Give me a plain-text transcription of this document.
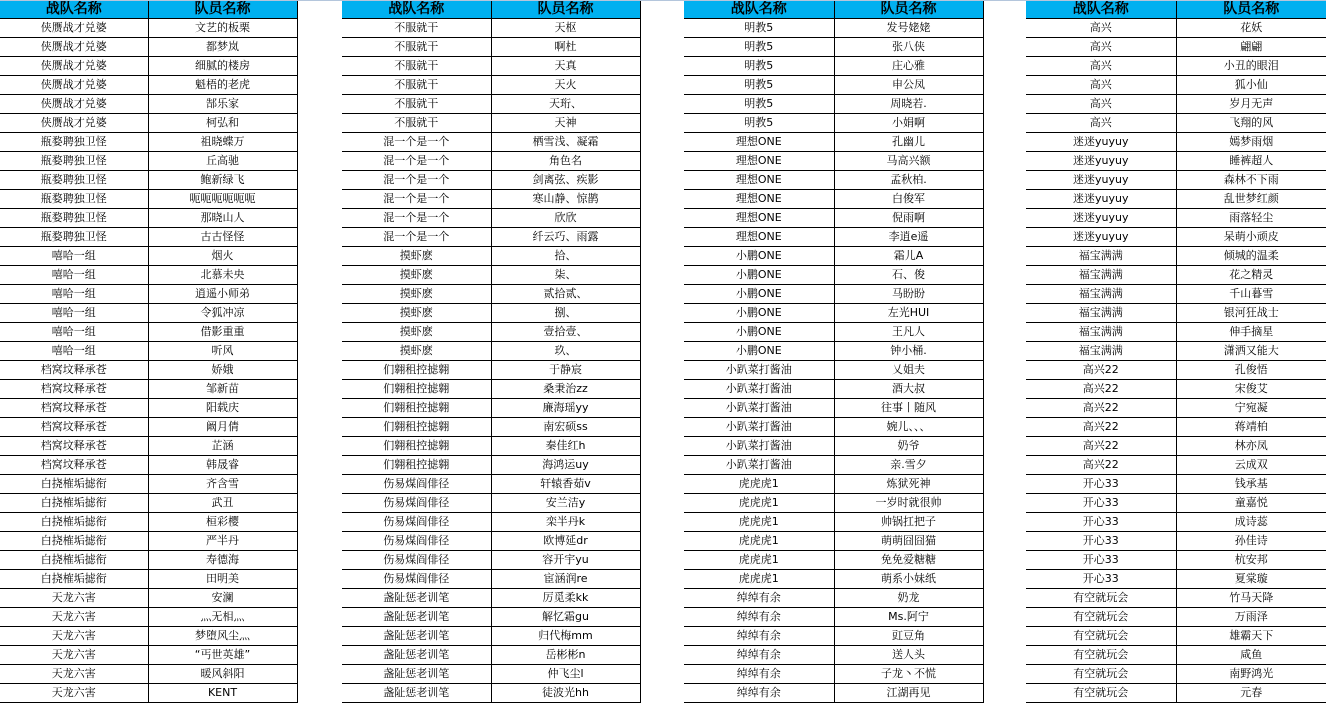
战队名称	队员名称
侠赝战才兑婆	文艺的板栗
侠赝战才兑婆	都梦岚
侠赝战才兑婆	细腻的楼房
侠赝战才兑婆	魁梧的老虎
侠赝战才兑婆	郜乐家
侠赝战才兑婆	柯弘和
瓶婺聘独卫怪	祖晓蝶万
瓶婺聘独卫怪	丘高驰
瓶婺聘独卫怪	鲍新绿飞
瓶婺聘独卫怪	呃呃呃呃呃呃
瓶婺聘独卫怪	那晓山人
瓶婺聘独卫怪	古古怪怪
嘻哈一组	烟火
嘻哈一组	北慕未央
嘻哈一组	逍遥小师弟
嘻哈一组	令狐冲凉
嘻哈一组	借影重重
嘻哈一组	听风
档窝坟释承苍	娇娥
档窝坟释承苍	邹新苗
档窝坟释承苍	阳载庆
档窝坟释承苍	阚月倩
档窝坟释承苍	芷涵
档窝坟释承苍	韩晟睿
白挠榷垢摅衔	齐含雪
白挠榷垢摅衔	武丑
白挠榷垢摅衔	桓彩樱
白挠榷垢摅衔	严半丹
白挠榷垢摅衔	寿德海
白挠榷垢摅衔	田明美
天龙六害	安澜
天龙六害	灬无相灬
天龙六害	梦堕风尘灬
天龙六害	“丐世英雄”
天龙六害	暖风斜阳
天龙六害	KENT
战队名称	队员名称
不服就干	天枢
不服就干	啊杜
不服就干	天真
不服就干	天火
不服就干	天珩、
不服就干	天神
混一个是一个	栖雪浅、凝霜
混一个是一个	角色名
混一个是一个	剑离弦、疾影
混一个是一个	寒山静、惊鹊
混一个是一个	欣欣
混一个是一个	纤云巧、雨露
摸虾麽	拾、
摸虾麽	柒、
摸虾麽	贰拾贰、
摸虾麽	捌、
摸虾麽	壹拾壹、
摸虾麽	玖、
们翱租控摅翱	于静宸
们翱租控摅翱	桑秉治zz
们翱租控摅翱	廉海瑶yy
们翱租控摅翱	南宏硕ss
们翱租控摅翱	秦佳红h
们翱租控摅翱	海鸿运uy
伤易煤阎俳径	轩辕香茹v
伤易煤阎俳径	安兰洁y
伤易煤阎俳径	栾半丹k
伤易煤阎俳径	欧博延dr
伤易煤阎俳径	容开宇yu
伤易煤阎俳径	宦涵润re
盏阯惩老训笔	厉觅柔kk
盏阯惩老训笔	解忆霜gu
盏阯惩老训笔	归代梅mm
盏阯惩老训笔	岳彬彬n
盏阯惩老训笔	仲飞尘l
盏阯惩老训笔	徒波光hh
战队名称	队员名称
明教5	发号姥姥
明教5	张八侠
明教5	庄心雅
明教5	申公凤
明教5	周晓若.
明教5	小娟啊
理想ONE	孔幽儿
理想ONE	马高兴额
理想ONE	孟秋柏.
理想ONE	白俊军
理想ONE	倪雨啊
理想ONE	李逍e遥
小鹏ONE	霜儿A
小鹏ONE	石、俊
小鹏ONE	马盼盼
小鹏ONE	左光HUI
小鹏ONE	王凡人
小鹏ONE	钟小桶.
小趴菜打酱油	乂姐夫
小趴菜打酱油	酒大叔
小趴菜打酱油	往事丨随风
小趴菜打酱油	婉儿、、、
小趴菜打酱油	奶爷
小趴菜打酱油	亲.雪夕
虎虎虎1	炼狱死神
虎虎虎1	一岁时就很帅
虎虎虎1	帅锅扛把子
虎虎虎1	萌萌囧囧猫
虎虎虎1	免免爱糖糖
虎虎虎1	萌系小妹纸
绰绰有余	奶龙
绰绰有余	Ms.阿宁
绰绰有余	豇豆角
绰绰有余	送人头
绰绰有余	子龙丶不慌
绰绰有余	江湖再见
战队名称	队员名称
高兴	花妖
高兴	翩翩
高兴	小丑的眼泪
高兴	狐小仙
高兴	岁月无声
高兴	飞翔的风
迷迷yuyuy	嫣梦雨烟
迷迷yuyuy	睡裤超人
迷迷yuyuy	森林不下雨
迷迷yuyuy	乱世梦红颜
迷迷yuyuy	雨落轻尘
迷迷yuyuy	呆萌小顽皮
福宝满满	倾城的温柔
福宝满满	花之精灵
福宝满满	千山暮雪
福宝满满	银河狂战士
福宝满满	伸手摘星
福宝满满	潇洒又能大
高兴22	孔俊悟
高兴22	宋俊艾
高兴22	宁宛凝
高兴22	蒋靖柏
高兴22	林亦凤
高兴22	云成双
开心33	钱承基
开心33	童嘉悦
开心33	成诗蕊
开心33	孙佳诗
开心33	杭安邦
开心33	夏棠璇
有空就玩会	竹马天降
有空就玩会	万雨泽
有空就玩会	雄霸天下
有空就玩会	咸鱼
有空就玩会	南野鸿光
有空就玩会	元春
